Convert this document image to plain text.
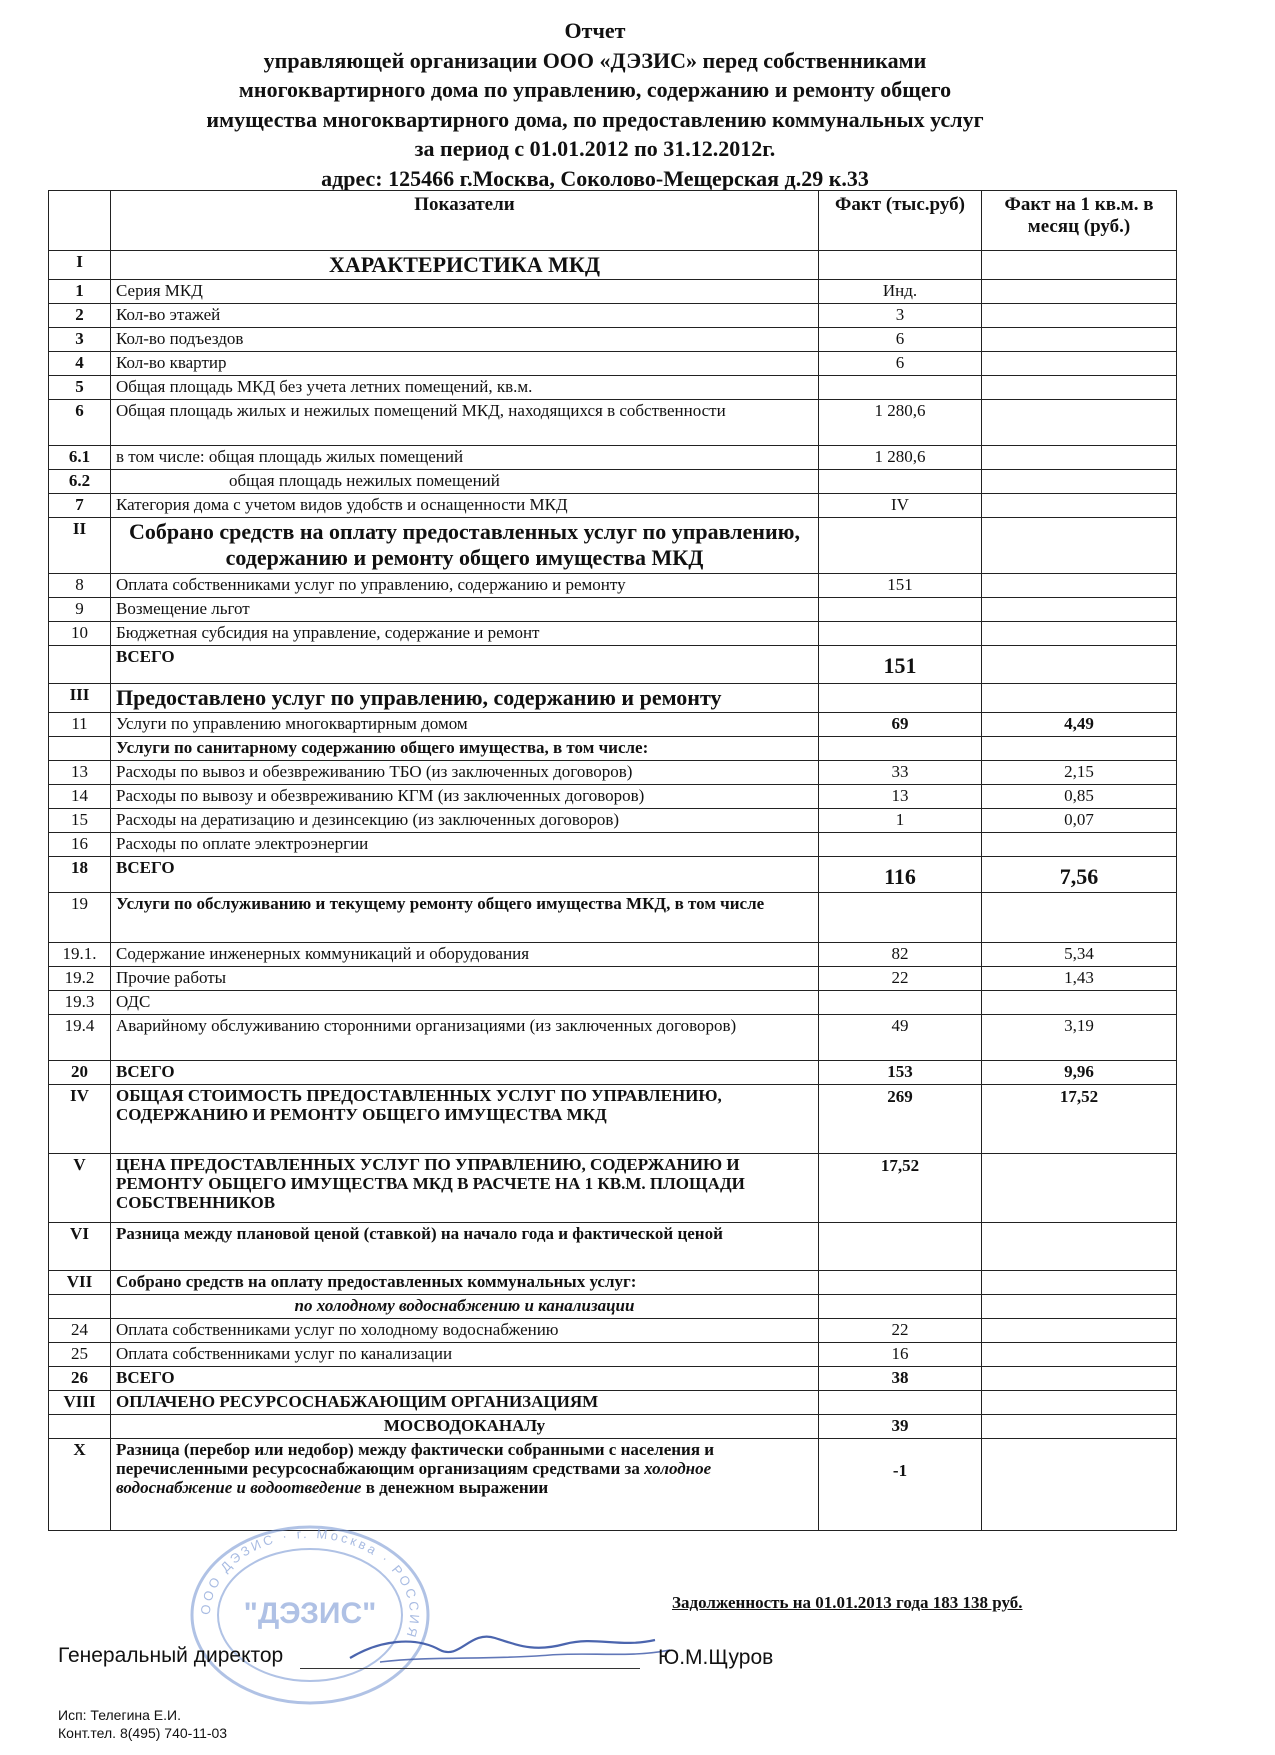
Отчет
управляющей организации ООО «ДЭЗИС» перед собственниками
многоквартирного дома по управлению, содержанию и ремонту общего
имущества многоквартирного дома, по предоставлению коммунальных услуг
за период с 01.01.2012 по 31.12.2012г.
адрес: 125466 г.Москва, Соколово-Мещерская д.29 к.33
	Показатели	Факт (тыс.руб)	Факт на 1 кв.м. в месяц (руб.)
I	ХАРАКТЕРИСТИКА МКД		
1	Серия МКД	Инд.	
2	Кол-во этажей	3	
3	Кол-во подъездов	6	
4	Кол-во квартир	6	
5	Общая площадь МКД без учета летних помещений, кв.м.		
6	Общая площадь жилых и нежилых помещений МКД, находящихся в собственности	1 280,6	
6.1	в том числе: общая площадь жилых помещений	1 280,6	
6.2	общая площадь нежилых помещений		
7	Категория дома с учетом видов удобств и оснащенности МКД	IV	
II	Собрано средств на оплату предоставленных услуг по управлению, содержанию и ремонту общего имущества МКД		
8	Оплата собственниками услуг по управлению, содержанию и ремонту	151	
9	Возмещение льгот		
10	Бюджетная субсидия на управление, содержание и ремонт		
	ВСЕГО	151	
III	Предоставлено услуг по управлению, содержанию и ремонту		
11	Услуги по управлению многоквартирным домом	69	4,49
	Услуги по санитарному содержанию общего имущества, в том числе:		
13	Расходы по вывоз и обезвреживанию ТБО (из заключенных договоров)	33	2,15
14	Расходы по вывозу и обезвреживанию КГМ (из заключенных договоров)	13	0,85
15	Расходы на дератизацию и дезинсекцию (из заключенных договоров)	1	0,07
16	Расходы по оплате электроэнергии		
18	ВСЕГО	116	7,56
19	Услуги по обслуживанию и текущему ремонту общего имущества МКД, в том числе		
19.1.	Содержание инженерных коммуникаций и оборудования	82	5,34
19.2	Прочие работы	22	1,43
19.3	ОДС		
19.4	Аварийному обслуживанию сторонними организациями (из заключенных договоров)	49	3,19
20	ВСЕГО	153	9,96
IV	ОБЩАЯ СТОИМОСТЬ ПРЕДОСТАВЛЕННЫХ УСЛУГ ПО УПРАВЛЕНИЮ, СОДЕРЖАНИЮ И РЕМОНТУ ОБЩЕГО ИМУЩЕСТВА МКД	269	17,52
V	ЦЕНА ПРЕДОСТАВЛЕННЫХ УСЛУГ ПО УПРАВЛЕНИЮ, СОДЕРЖАНИЮ И РЕМОНТУ ОБЩЕГО ИМУЩЕСТВА МКД В РАСЧЕТЕ НА 1 КВ.М. ПЛОЩАДИ СОБСТВЕННИКОВ	17,52	
VI	Разница между плановой ценой (ставкой) на начало года и фактической ценой		
VII	Собрано средств на оплату предоставленных коммунальных услуг:		
	по холодному водоснабжению и канализации		
24	Оплата собственниками услуг по холодному водоснабжению	22	
25	Оплата собственниками услуг по канализации	16	
26	ВСЕГО	38	
VIII	ОПЛАЧЕНО РЕСУРСОСНАБЖАЮЩИМ ОРГАНИЗАЦИЯМ		
	МОСВОДОКАНАЛу	39	
X	Разница (перебор или недобор) между фактически собранными с населения и перечисленными ресурсоснабжающим организациям средствами за холодное водоснабжение и водоотведение в денежном выражении	-1	
Задолженность на 01.01.2013 года 183 138 руб.
ООО ДЭЗИС · г. Москва · РОССИЯ
"ДЭЗИС"
Генеральный директор	Ю.М.Щуров
Исп: Телегина Е.И.
Конт.тел. 8(495) 740-11-03
